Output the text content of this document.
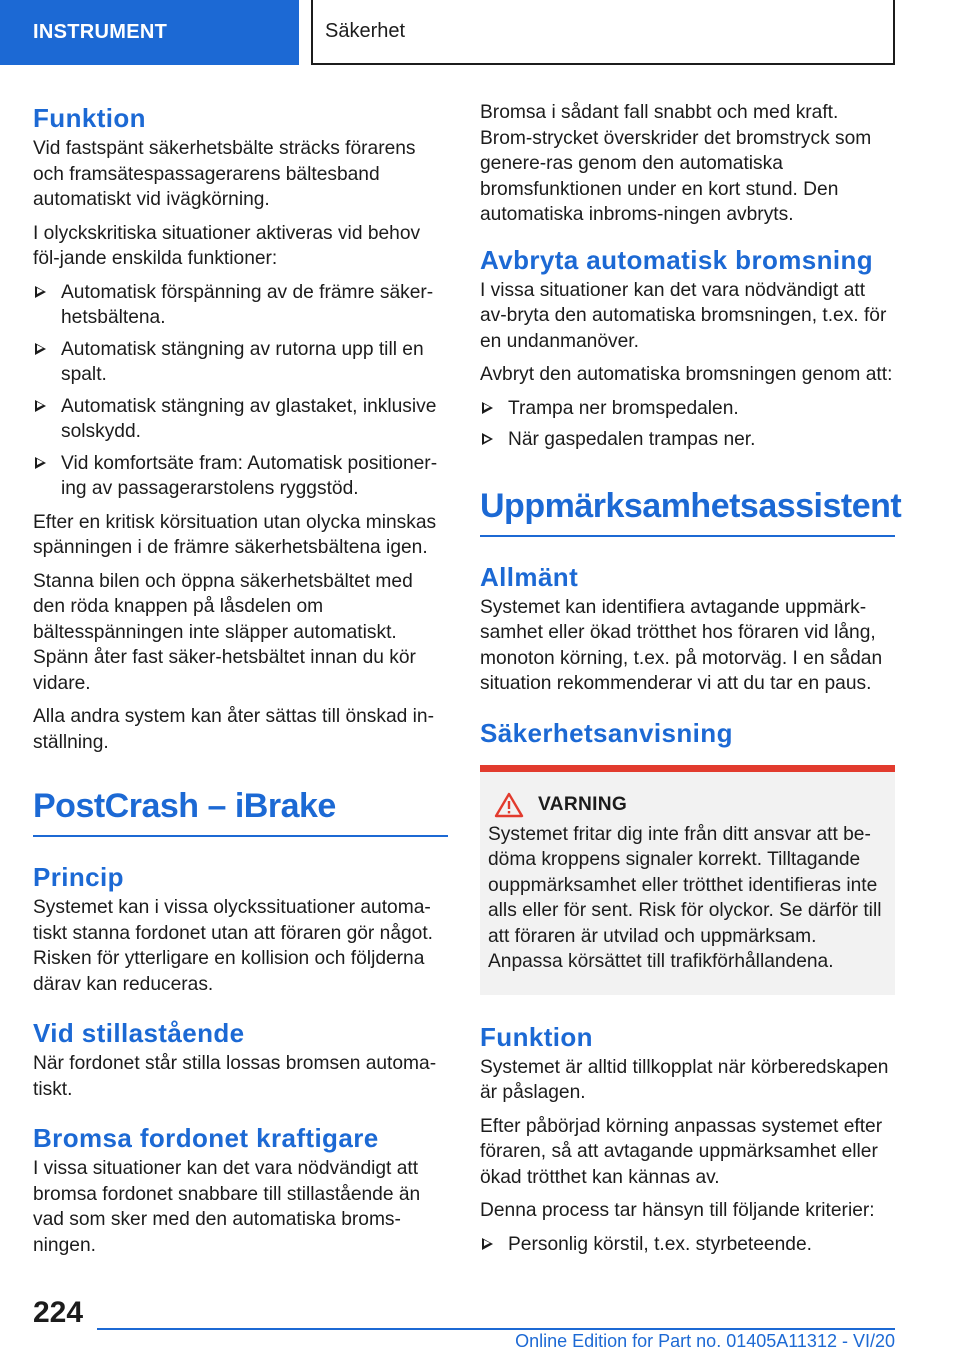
INSTRUMENT	Säkerhet
Funktion

Vid fastspänt säkerhetsbälte sträcks förarens och framsätespassagerarens bältesband automatiskt vid ivägkörning.

I olyckskritiska situationer aktiveras vid behov föl-jande enskilda funktioner:

Automatisk förspänning av de främre säker-hetsbältena.
Automatisk stängning av rutorna upp till en spalt.
Automatisk stängning av glastaket, inklusive solskydd.
Vid komfortsäte fram: Automatisk positioner-ing av passagerarstolens ryggstöd.

Efter en kritisk körsituation utan olycka minskas spänningen i de främre säkerhetsbältena igen.

Stanna bilen och öppna säkerhetsbältet med den röda knappen på låsdelen om bältesspänningen inte släpper automatiskt. Spänn åter fast säker-hetsbältet innan du kör vidare.

Alla andra system kan åter sättas till önskad in-ställning.

PostCrash – iBrake
Princip

Systemet kan i vissa olyckssituationer automa-tiskt stanna fordonet utan att föraren gör något. Risken för ytterligare en kollision och följderna därav kan reduceras.

Vid stillastående

När fordonet står stilla lossas bromsen automa-tiskt.

Bromsa fordonet kraftigare

I vissa situationer kan det vara nödvändigt att bromsa fordonet snabbare till stillastående än vad som sker med den automatiska broms-ningen.

Bromsa i sådant fall snabbt och med kraft. Brom-strycket överskrider det bromstryck som genere-ras genom den automatiska bromsfunktionen under en kort stund. Den automatiska inbroms-ningen avbryts.

Avbryta automatisk bromsning

I vissa situationer kan det vara nödvändigt att av-bryta den automatiska bromsningen, t.ex. för en undanmanöver.

Avbryt den automatiska bromsningen genom att:

Trampa ner bromspedalen.
När gaspedalen trampas ner.
Uppmärksamhetsassistent
Allmänt

Systemet kan identifiera avtagande uppmärk-samhet eller ökad trötthet hos föraren vid lång, monoton körning, t.ex. på motorväg. I en sådan situation rekommenderar vi att du tar en paus.

Säkerhetsanvisning
VARNING

Systemet fritar dig inte från ditt ansvar att be-döma kroppens signaler korrekt. Tilltagande ouppmärksamhet eller trötthet identifieras inte alls eller för sent. Risk för olyckor. Se därför till att föraren är utvilad och uppmärksam. Anpassa körsättet till trafikförhållandena.

Funktion

Systemet är alltid tillkopplat när körberedskapen är påslagen.

Efter påbörjad körning anpassas systemet efter föraren, så att avtagande uppmärksamhet eller ökad trötthet kan kännas av.

Denna process tar hänsyn till följande kriterier:

Personlig körstil, t.ex. styrbeteende.
224
Online Edition for Part no. 01405A11312 - VI/20
